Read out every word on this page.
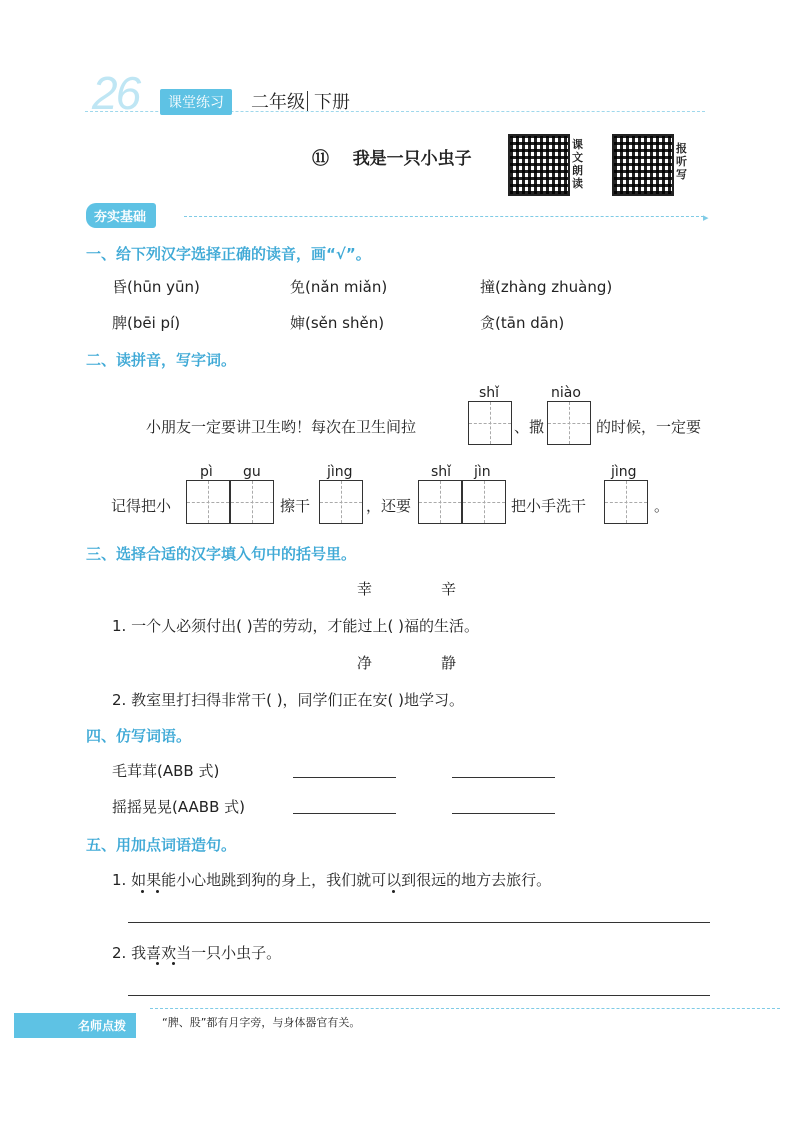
26	课堂练习	二年级 下册
⑪ 我是一只小虫子
课文朗读
报听写
夯实基础	▸
一、给下列汉字选择正确的读音，画“√”。
昏(hūn yūn)	免(nǎn miǎn)	撞(zhàng zhuàng)
脾(bēi pí)	婶(sěn shěn)	贪(tān dān)
二、读拼音，写字词。
shǐ	niào
小朋友一定要讲卫生哟！每次在卫生间拉	、撒	的时候，一定要
pì gu	jìng	shǐ jìn	jìng
记得把小	擦干	，还要	把小手洗干	。
三、选择合适的汉字填入句中的括号里。
幸	辛
1. 一个人必须付出( )苦的劳动，才能过上( )福的生活。
净	静
2. 教室里打扫得非常干( )，同学们正在安( )地学习。
四、仿写词语。
毛茸茸(ABB 式)
摇摇晃晃(AABB 式)
五、用加点词语造句。
1. 如果能小心地跳到狗的身上，我们就可以到很远的地方去旅行。
2. 我喜欢当一只小虫子。
名师点拨	“脾、股”都有月字旁，与身体器官有关。
